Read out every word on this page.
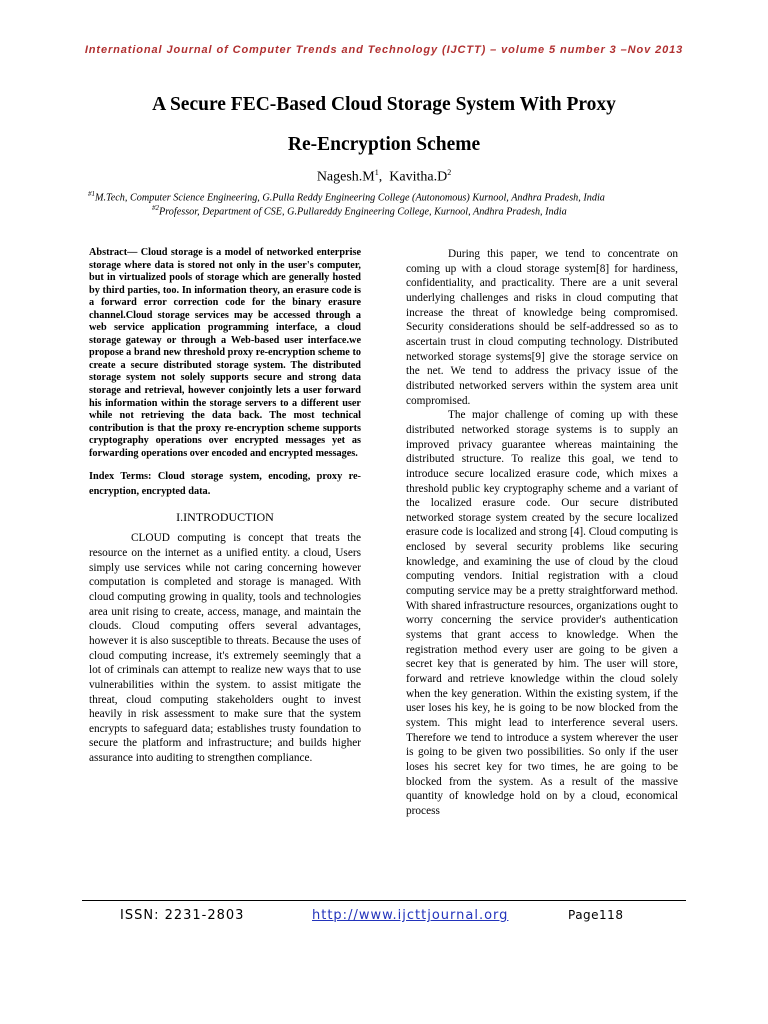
International Journal of Computer Trends and Technology (IJCTT) – volume 5 number 3 –Nov 2013
A Secure FEC-Based Cloud Storage System With Proxy
Re-Encryption Scheme
$Nagesh.M^1$,  $Kavitha.D^2$
$^{\#1}$M.Tech, Computer Science Engineering, G.Pulla Reddy Engineering College (Autonomous) Kurnool, Andhra Pradesh, India
$^{\#2}$Professor, Department of CSE, G.Pullareddy Engineering College, Kurnool, Andhra Pradesh, India

Abstract— Cloud storage is a model of networked enterprise storage where data is stored not only in the user's computer, but in virtualized pools of storage which are generally hosted by third parties, too. In information theory, an erasure code is a forward error correction code for the binary erasure channel.Cloud storage services may be accessed through a web service application programming interface, a cloud storage gateway or through a Web-based user interface.we propose a brand new threshold proxy re-encryption scheme to create a secure distributed storage system. The distributed storage system not solely supports secure and strong data storage and retrieval, however conjointly lets a user forward his information within the storage servers to a different user while not retrieving the data back. The most technical contribution is that the proxy re-encryption scheme supports cryptography operations over encrypted messages yet as forwarding operations over encoded and encrypted messages.

Index Terms: Cloud storage system, encoding, proxy re-encryption, encrypted data.

I.INTRODUCTION

CLOUD computing is concept that treats the resource on the internet as a unified entity. a cloud, Users simply use services while not caring concerning however computation is completed and storage is managed. With cloud computing growing in quality, tools and technologies area unit rising to create, access, manage, and maintain the clouds. Cloud computing offers several advantages, however it is also susceptible to threats. Because the uses of cloud computing increase, it's extremely seemingly that a lot of criminals can attempt to realize new ways that to use vulnerabilities within the system. to assist mitigate the threat, cloud computing stakeholders ought to invest heavily in risk assessment to make sure that the system encrypts to safeguard data; establishes trusty foundation to secure the platform and infrastructure; and builds higher assurance into auditing to strengthen compliance.

During this paper, we tend to concentrate on coming up with a cloud storage system[8] for hardiness, confidentiality, and practicality. There are a unit several underlying challenges and risks in cloud computing that increase the threat of knowledge being compromised. Security considerations should be self-addressed so as to ascertain trust in cloud computing technology. Distributed networked storage systems[9] give the storage service on the net. We tend to address the privacy issue of the distributed networked servers within the system area unit compromised.

The major challenge of coming up with these distributed networked storage systems is to supply an improved privacy guarantee whereas maintaining the distributed structure. To realize this goal, we tend to introduce secure localized erasure code, which mixes a threshold public key cryptography scheme and a variant of the localized erasure code. Our secure distributed networked storage system created by the secure localized erasure code is localized and strong [4]. Cloud computing is enclosed by several security problems like securing knowledge, and examining the use of cloud by the cloud computing vendors. Initial registration with a cloud computing service may be a pretty straightforward method. With shared infrastructure resources, organizations ought to worry concerning the service provider's authentication systems that grant access to knowledge. When the registration method every user are going to be given a secret key that is generated by him. The user will store, forward and retrieve knowledge within the cloud solely when the key generation. Within the existing system, if the user loses his key, he is going to be now blocked from the system. This might lead to interference several users. Therefore we tend to introduce a system wherever the user is going to be given two possibilities. So only if the user loses his secret key for two times, he are going to be blocked from the system. As a result of the massive quantity of knowledge hold on by a cloud, economical process

ISSN: 2231-2803	http://www.ijcttjournal.org	Page118
